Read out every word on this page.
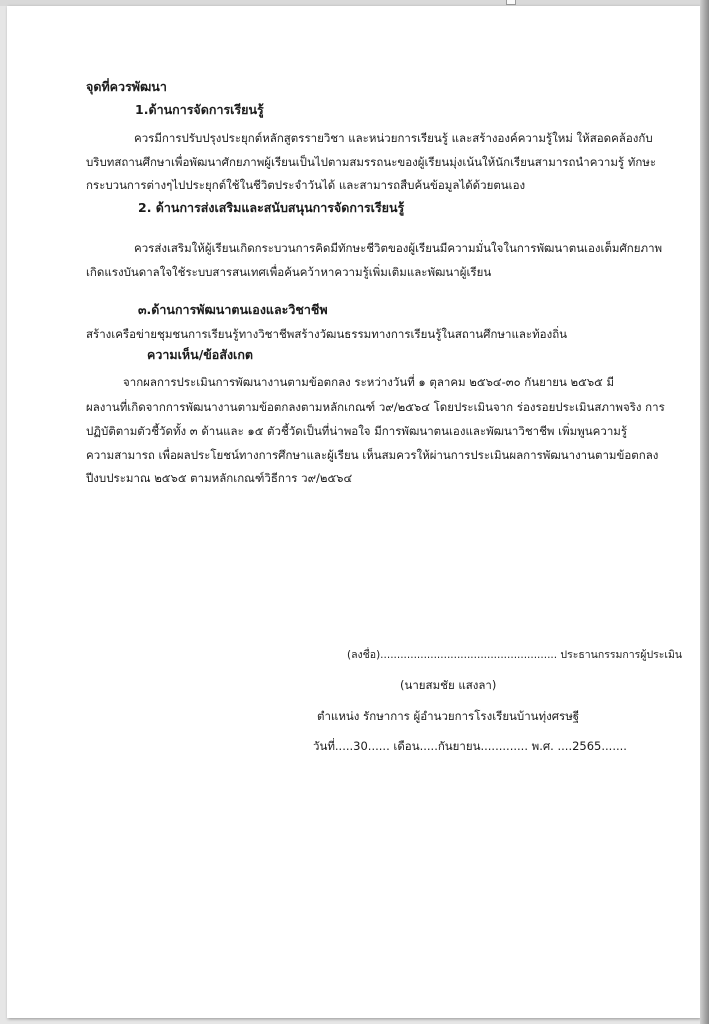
จุดที่ควรพัฒนา
1.ด้านการจัดการเรียนรู้
ควรมีการปรับปรุงประยุกต์หลักสูตรรายวิชา และหน่วยการเรียนรู้ และสร้างองค์ความรู้ใหม่ ให้สอดคล้องกับ
บริบทสถานศึกษาเพื่อพัฒนาศักยภาพผู้เรียนเป็นไปตามสมรรถนะของผู้เรียนมุ่งเน้นให้นักเรียนสามารถนำความรู้ ทักษะ
กระบวนการต่างๆไปประยุกต์ใช้ในชีวิตประจำวันได้ และสามารถสืบค้นข้อมูลได้ด้วยตนเอง
2. ด้านการส่งเสริมและสนับสนุนการจัดการเรียนรู้
ควรส่งเสริมให้ผู้เรียนเกิดกระบวนการคิดมีทักษะชีวิตของผู้เรียนมีความมั่นใจในการพัฒนาตนเองเต็มศักยภาพ
เกิดแรงบันดาลใจใช้ระบบสารสนเทศเพื่อค้นคว้าหาความรู้เพิ่มเติมและพัฒนาผู้เรียน
๓.ด้านการพัฒนาตนเองและวิชาชีพ
สร้างเครือข่ายชุมชนการเรียนรู้ทางวิชาชีพสร้างวัฒนธรรมทางการเรียนรู้ในสถานศึกษาและท้องถิ่น
ความเห็น/ข้อสังเกต
จากผลการประเมินการพัฒนางานตามข้อตกลง ระหว่างวันที่ ๑ ตุลาคม ๒๕๖๔-๓๐ กันยายน ๒๕๖๕ มี
ผลงานที่เกิดจากการพัฒนางานตามข้อตกลงตามหลักเกณฑ์ ว๙/๒๕๖๔ โดยประเมินจาก ร่องรอยประเมินสภาพจริง การ
ปฏิบัติตามตัวชี้วัดทั้ง ๓ ด้านและ ๑๕ ตัวชี้วัดเป็นที่น่าพอใจ มีการพัฒนาตนเองและพัฒนาวิชาชีพ เพิ่มพูนความรู้
ความสามารถ เพื่อผลประโยชน์ทางการศึกษาและผู้เรียน เห็นสมควรให้ผ่านการประเมินผลการพัฒนางานตามข้อตกลง
ปีงบประมาณ ๒๕๖๕ ตามหลักเกณฑ์วิธีการ ว๙/๒๕๖๔
(ลงชื่อ)..................................................... ประธานกรรมการผู้ประเมิน
(นายสมชัย แสงลา)
ตำแหน่ง รักษาการ ผู้อำนวยการโรงเรียนบ้านทุ่งศรษฐี
วันที่.....30...... เดือน.....กันยายน............. พ.ศ. ....2565.......
